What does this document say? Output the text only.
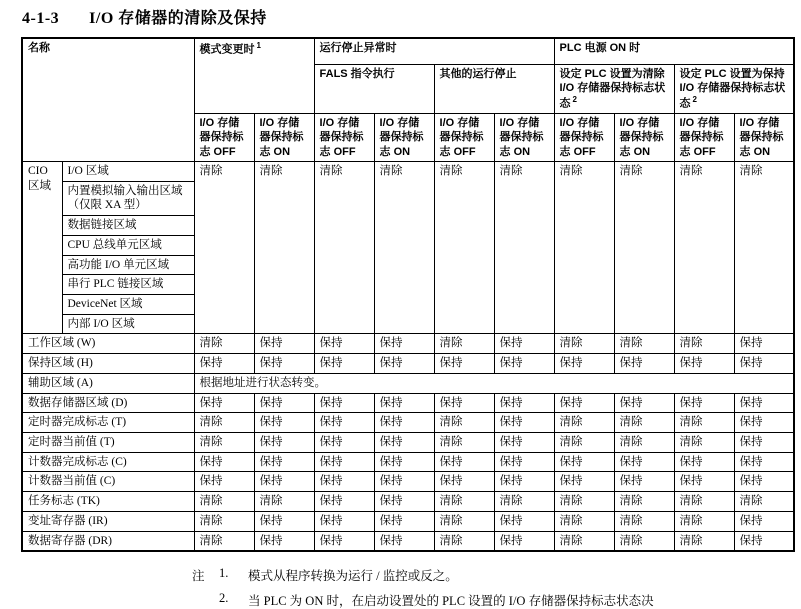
4-1-3 I/O 存储器的清除及保持
名称		模式变更时 $^1$		运行停止异常时				PLC 电源 ON 时			
				FALS 指令执行		其他的运行停止		设定 PLC 设置为清除 I/O 存储器保持标志状态 $^2$		设定 PLC 设置为保持 I/O 存储器保持标志状态 $^2$
		I/O 存储器保持标志 OFF	I/O 存储器保持标志 ON	I/O 存储器保持标志 OFF	I/O 存储器保持标志 ON	I/O 存储器保持标志 OFF	I/O 存储器保持标志 ON	I/O 存储器保持标志 OFF	I/O 存储器保持标志 ON	I/O 存储器保持标志 OFF	I/O 存储器保持标志 ON
CIO 区域	I/O 区域	清除	清除	清除	清除	清除	清除	清除	清除	清除	清除
	内置模拟输入输出区域（仅限 XA 型）										
	数据链接区域										
	CPU 总线单元区域										
	高功能 I/O 单元区域										
	串行 PLC 链接区域										
	DeviceNet 区域										
	内部 I/O 区域										
工作区域 (W)		清除	保持	保持	保持	清除	保持	清除	清除	清除	保持
保持区域 (H)		保持	保持	保持	保持	保持	保持	保持	保持	保持	保持
辅助区域 (A)		根据地址进行状态转变。									
数据存储器区域 (D)		保持	保持	保持	保持	保持	保持	保持	保持	保持	保持
定时器完成标志 (T)		清除	保持	保持	保持	清除	保持	清除	清除	清除	保持
定时器当前值 (T)		清除	保持	保持	保持	清除	保持	清除	清除	清除	保持
计数器完成标志 (C)		保持	保持	保持	保持	保持	保持	保持	保持	保持	保持
计数器当前值 (C)		保持	保持	保持	保持	保持	保持	保持	保持	保持	保持
任务标志 (TK)		清除	清除	保持	保持	清除	清除	清除	清除	清除	清除
变址寄存器 (IR)		清除	保持	保持	保持	清除	保持	清除	清除	清除	保持
数据寄存器 (DR)		清除	保持	保持	保持	清除	保持	清除	清除	清除	保持
注	1.	模式从程序转换为运行 / 监控或反之。
2.	当 PLC 为 ON 时，在启动设置处的 PLC 设置的 I/O 存储器保持标志状态决
